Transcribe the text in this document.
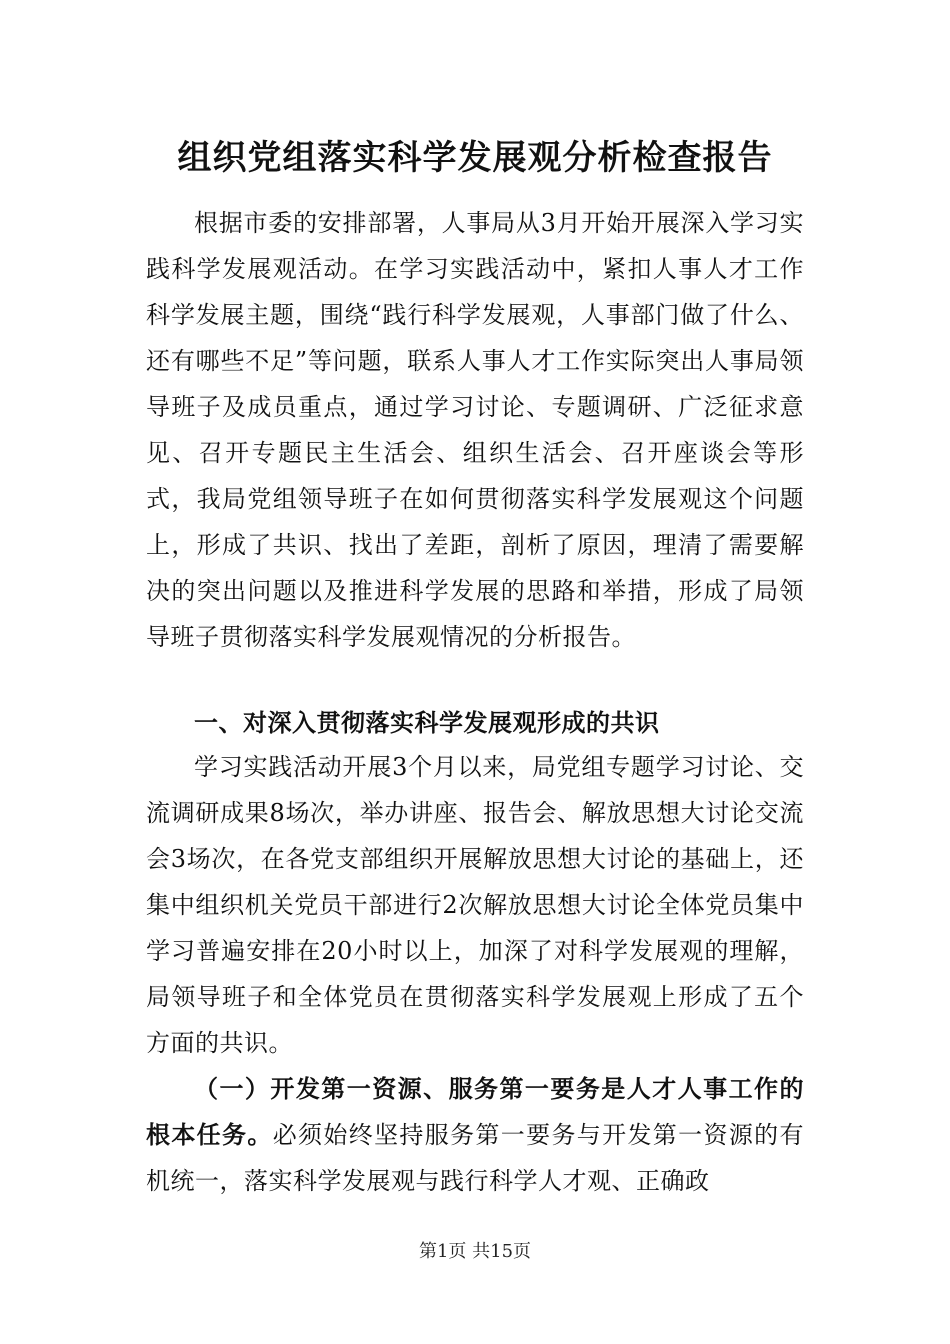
组织党组落实科学发展观分析检查报告

根据市委的安排部署，人事局从3月开始开展深入学习实践科学发展观活动。在学习实践活动中，紧扣人事人才工作科学发展主题，围绕“践行科学发展观，人事部门做了什么、还有哪些不足”等问题，联系人事人才工作实际突出人事局领导班子及成员重点，通过学习讨论、专题调研、广泛征求意见、召开专题民主生活会、组织生活会、召开座谈会等形式，我局党组领导班子在如何贯彻落实科学发展观这个问题上，形成了共识、找出了差距，剖析了原因，理清了需要解决的突出问题以及推进科学发展的思路和举措，形成了局领导班子贯彻落实科学发展观情况的分析报告。

一、对深入贯彻落实科学发展观形成的共识

学习实践活动开展3个月以来，局党组专题学习讨论、交流调研成果8场次，举办讲座、报告会、解放思想大讨论交流会3场次，在各党支部组织开展解放思想大讨论的基础上，还集中组织机关党员干部进行2次解放思想大讨论全体党员集中学习普遍安排在20小时以上，加深了对科学发展观的理解，局领导班子和全体党员在贯彻落实科学发展观上形成了五个方面的共识。

（一）开发第一资源、服务第一要务是人才人事工作的根本任务。必须始终坚持服务第一要务与开发第一资源的有机统一，落实科学发展观与践行科学人才观、正确政

第1页 共15页
